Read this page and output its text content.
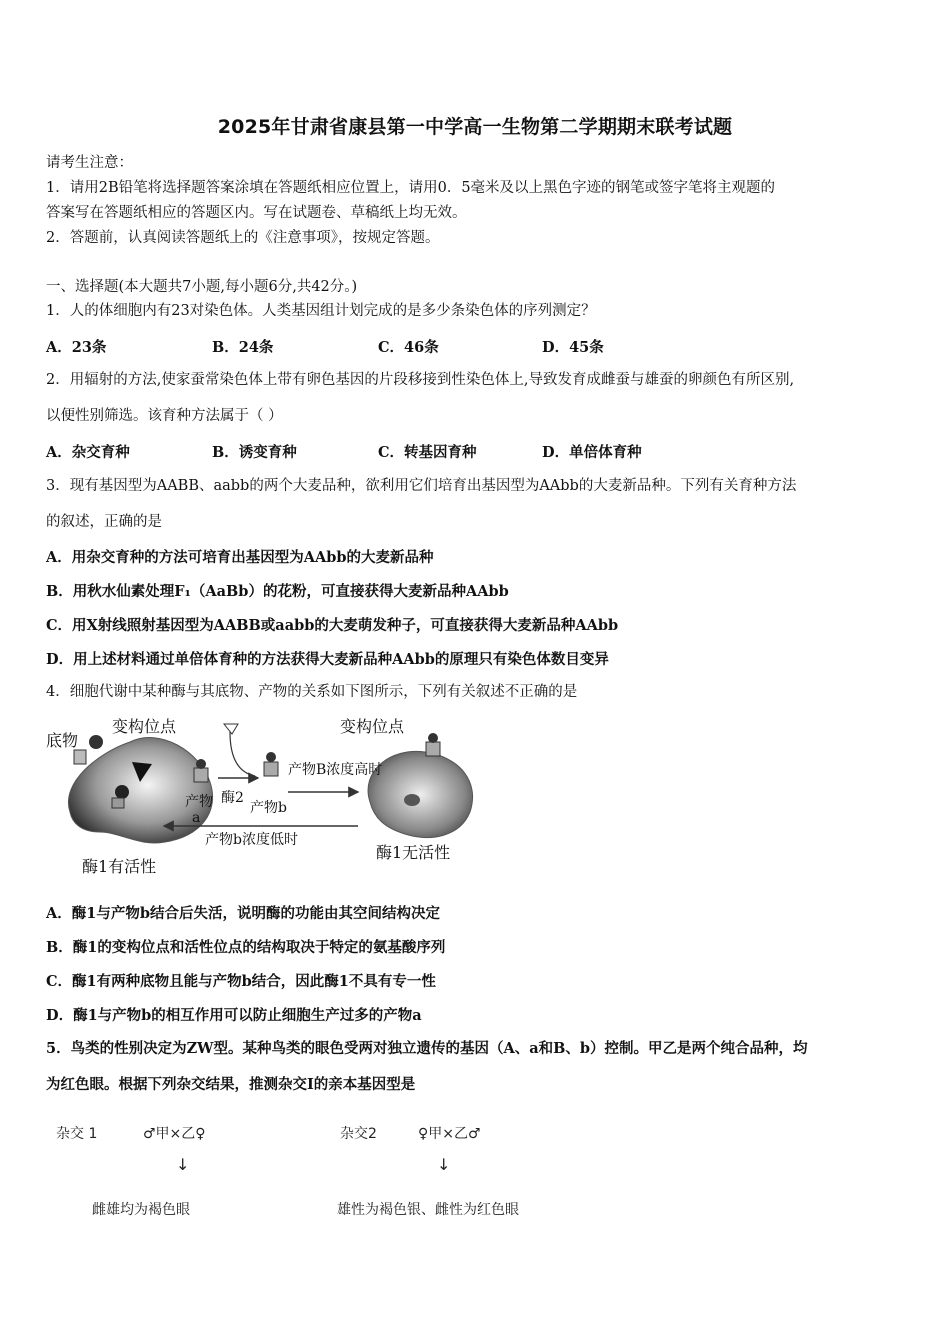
2025年甘肃省康县第一中学高一生物第二学期期末联考试题
请考生注意：
1．请用2B铅笔将选择题答案涂填在答题纸相应位置上，请用0．5毫米及以上黑色字迹的钢笔或签字笔将主观题的
答案写在答题纸相应的答题区内。写在试题卷、草稿纸上均无效。
2．答题前，认真阅读答题纸上的《注意事项》，按规定答题。
一、选择题(本大题共7小题,每小题6分,共42分。)
1．人的体细胞内有23对染色体。人类基因组计划完成的是多少条染色体的序列测定？
A．23条	B．24条	C．46条	D．45条
2．用辐射的方法,使家蚕常染色体上带有卵色基因的片段移接到性染色体上,导致发育成雌蚕与雄蚕的卵颜色有所区别,
以便性别筛选。该育种方法属于（ ）
A．杂交育种	B．诱变育种	C．转基因育种	D．单倍体育种
3．现有基因型为AABB、aabb的两个大麦品种，欲利用它们培育出基因型为AAbb的大麦新品种。下列有关育种方法
的叙述，正确的是
A．用杂交育种的方法可培育出基因型为AAbb的大麦新品种
B．用秋水仙素处理F₁（AaBb）的花粉，可直接获得大麦新品种AAbb
C．用X射线照射基因型为AABB或aabb的大麦萌发种子，可直接获得大麦新品种AAbb
D．用上述材料通过单倍体育种的方法获得大麦新品种AAbb的原理只有染色体数目变异
4．细胞代谢中某种酶与其底物、产物的关系如下图所示，下列有关叙述不正确的是
底物
变构位点
产物
a
酶2
产物b
产物B浓度高时
变构位点
产物b浓度低时
酶1有活性
酶1无活性
A．酶1与产物b结合后失活，说明酶的功能由其空间结构决定
B．酶1的变构位点和活性位点的结构取决于特定的氨基酸序列
C．酶1有两种底物且能与产物b结合，因此酶1不具有专一性
D．酶1与产物b的相互作用可以防止细胞生产过多的产物a
5．鸟类的性别决定为ZW型。某种鸟类的眼色受两对独立遗传的基因（A、a和B、b）控制。甲乙是两个纯合品种，均
为红色眼。根据下列杂交结果，推测杂交I的亲本基因型是
杂交 1	♂甲×乙♀
↓
雌雄均为褐色眼
杂交2	♀甲×乙♂
↓
雄性为褐色银、雌性为红色眼
